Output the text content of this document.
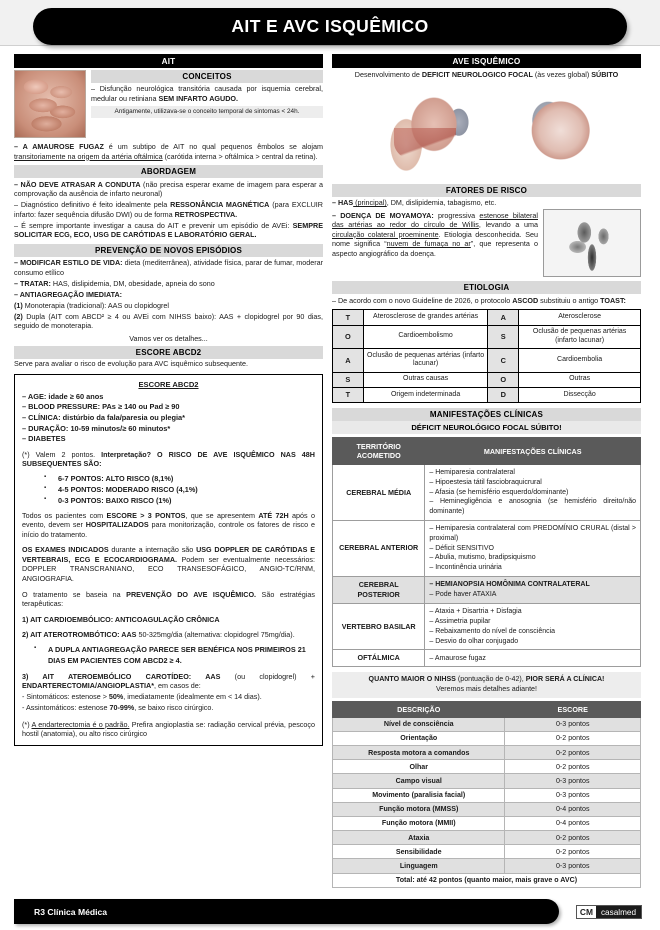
AIT E AVC ISQUÊMICO
AIT
CONCEITOS

– Disfunção neurológica transitória causada por isquemia cerebral, medular ou retiniana SEM INFARTO AGUDO.

Antigamente, utilizava-se o conceito temporal de sintomas < 24h.

– A AMAUROSE FUGAZ é um subtipo de AIT no qual pequenos êmbolos se alojam transitoriamente na origem da artéria oftálmica (carótida interna > oftálmica > central da retina).

ABORDAGEM

– NÃO DEVE ATRASAR A CONDUTA (não precisa esperar exame de imagem para esperar a comprovação da ausência de infarto neuronal)

– Diagnóstico definitivo é feito idealmente pela RESSONÂNCIA MAGNÉTICA (para EXCLUIR infarto: fazer sequência difusão DWI) ou de forma RETROSPECTIVA.

– É sempre importante investigar a causa do AIT e prevenir um episódio de AVEi: SEMPRE SOLICITAR ECG, ECO, USG DE CARÓTIDAS E LABORATÓRIO GERAL.

PREVENÇÃO DE NOVOS EPISÓDIOS

– MODIFICAR ESTILO DE VIDA: dieta (mediterrânea), atividade física, parar de fumar, moderar consumo etílico

– TRATAR: HAS, dislipidemia, DM, obesidade, apneia do sono

– ANTIAGREGAÇÃO IMEDIATA:

(1) Monoterapia (tradicional): AAS ou clopidogrel

(2) Dupla (AIT com ABCD² ≥ 4 ou AVEi com NIHSS baixo): AAS + clopidogrel por 90 dias, seguido de monoterapia.

Vamos ver os detalhes...

ESCORE ABCD2
Serve para avaliar o risco de evolução para AVC isquêmico subsequente.
ESCORE ABCD2
– AGE: idade ≥ 60 anos
– BLOOD PRESSURE: PAs ≥ 140 ou Pad ≥ 90
– CLÍNICA: distúrbio da fala/paresia ou plegia*
– DURAÇÃO: 10-59 minutos/≥ 60 minutos*
– DIABETES

(*) Valem 2 pontos. Interpretação? O RISCO DE AVE ISQUÊMICO NAS 48H SUBSEQUENTES SÃO:

▪ 6-7 PONTOS: ALTO RISCO (8,1%)
▪ 4-5 PONTOS: MODERADO RISCO (4,1%)
▪ 0-3 PONTOS: BAIXO RISCO (1%)

Todos os pacientes com ESCORE > 3 PONTOS, que se apresentem ATÉ 72H após o evento, devem ser HOSPITALIZADOS para monitorização, controle os fatores de risco e início do tratamento.

OS EXAMES INDICADOS durante a internação são USG DOPPLER DE CARÓTIDAS E VERTEBRAIS, ECG E ECOCARDIOGRAMA. Podem ser eventualmente necessários: DOPPLER TRANSCRANIANO, ECO TRANSESOFÁGICO, ANGIO-TC/RNM, ANGIOGRAFIA.

O tratamento se baseia na PREVENÇÃO DO AVE ISQUÊMICO. São estratégias terapêuticas:

1) AIT CARDIOEMBÓLICO: ANTICOAGULAÇÃO CRÔNICA

2) AIT ATEROTROMBÓTICO: AAS 50-325mg/dia (alternativa: clopidogrel 75mg/dia).

▪ A DUPLA ANTIAGREGAÇÃO PARECE SER BENÉFICA NOS PRIMEIROS 21 DIAS EM PACIENTES COM ABCD2 ≥ 4.

3) AIT ATEROEMBÓLICO CAROTÍDEO: AAS (ou clopidogrel) + ENDARTERECTOMIA/ANGIOPLASTIA*, em casos de:

- Sintomáticos: estenose > 50%, imediatamente (idealmente em < 14 dias).

- Assintomáticos: estenose 70-99%, se baixo risco cirúrgico.

(*) A endarterectomia é o padrão. Prefira angioplastia se: radiação cervical prévia, pescoço hostil (anatomia), ou alto risco cirúrgico

AVE ISQUÊMICO

Desenvolvimento de DEFICIT NEUROLOGICO FOCAL (às vezes global) SÚBITO

FATORES DE RISCO

– HAS (principal), DM, dislipidemia, tabagismo, etc.

– DOENÇA DE MOYAMOYA: progressiva estenose bilateral das artérias ao redor do círculo de Willis, levando a uma circulação colateral proeminente. Etiologia desconhecida. Seu nome significa “nuvem de fumaça no ar”, que representa o aspecto angiográfico da doença.

ETIOLOGIA

– De acordo com o novo Guideline de 2026, o protocolo ASCOD substituiu o antigo TOAST:

T	Aterosclerose de grandes artérias	A	Aterosclerose
O	Cardioembolismo	S	Oclusão de pequenas artérias (infarto lacunar)
A	Oclusão de pequenas artérias (infarto lacunar)	C	Cardioembolia
S	Outras causas	O	Outras
T	Origem indeterminada	D	Dissecção
MANIFESTAÇÕES CLÍNICAS
DÉFICIT NEUROLÓGICO FOCAL SÚBITO!
TERRITÓRIO ACOMETIDO	MANIFESTAÇÕES CLÍNICAS
CEREBRAL MÉDIA	
– Hemiparesia contralateral
– Hipoestesia tátil fasciobraquicrural
– Afasia (se hemisfério esquerdo/dominante)
– Heminegligência e anosognia (se hemisfério direito/não dominante)

CEREBRAL ANTERIOR	
– Hemiparesia contralateral com PREDOMÍNIO CRURAL (distal > proximal)
– Déficit SENSITIVO
– Abulia, mutismo, bradipsiquismo
– Incontinência urinária

CEREBRAL POSTERIOR	
– HEMIANOPSIA HOMÔNIMA CONTRALATERAL
– Pode haver ATAXIA

VERTEBRO BASILAR	
– Ataxia + Disartria + Disfagia
– Assimetria pupilar
– Rebaixamento do nível de consciência
– Desvio do olhar conjugado

OFTÁLMICA	– Amaurose fugaz
QUANTO MAIOR O NIHSS (pontuação de 0-42), PIOR SERÁ A CLÍNICA!
Veremos mais detalhes adiante!
DESCRIÇÃO	ESCORE
Nível de consciência	0-3 pontos
Orientação	0-2 pontos
Resposta motora a comandos	0-2 pontos
Olhar	0-2 pontos
Campo visual	0-3 pontos
Movimento (paralisia facial)	0-3 pontos
Função motora (MMSS)	0-4 pontos
Função motora (MMII)	0-4 pontos
Ataxia	0-2 pontos
Sensibilidade	0-2 pontos
Linguagem	0-3 pontos
Total: até 42 pontos (quanto maior, mais grave o AVC)	
R3 Clínica Médica	CM casalmed
